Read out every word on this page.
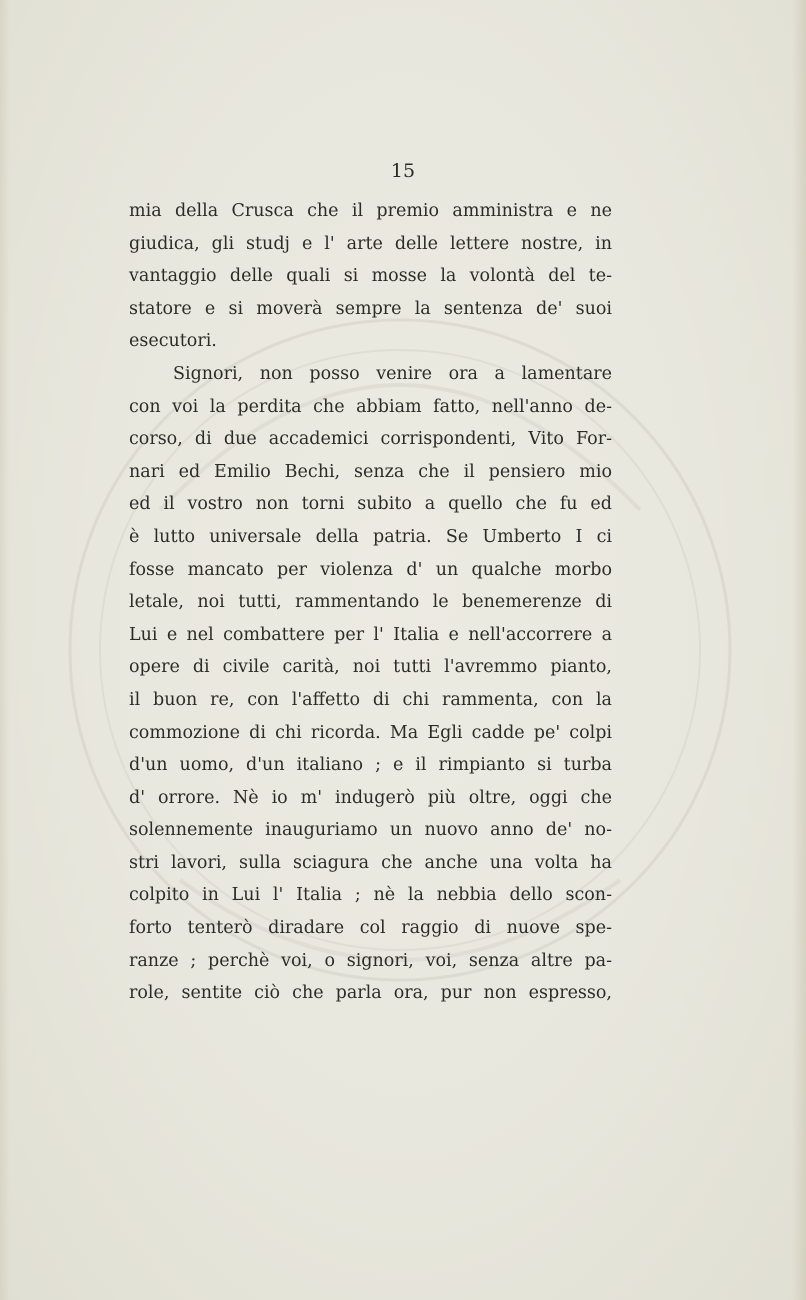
15
mia della Crusca che il premio amministra e ne
giudica, gli studj e l' arte delle lettere nostre, in
vantaggio delle quali si mosse la volontà del te-
statore e si moverà sempre la sentenza de' suoi
esecutori.
Signori, non posso venire ora a lamentare
con voi la perdita che abbiam fatto, nell'anno de-
corso, di due accademici corrispondenti, Vito For-
nari ed Emilio Bechi, senza che il pensiero mio
ed il vostro non torni subito a quello che fu ed
è lutto universale della patria. Se Umberto I ci
fosse mancato per violenza d' un qualche morbo
letale, noi tutti, rammentando le benemerenze di
Lui e nel combattere per l' Italia e nell'accorrere a
opere di civile carità, noi tutti l'avremmo pianto,
il buon re, con l'affetto di chi rammenta, con la
commozione di chi ricorda. Ma Egli cadde pe' colpi
d'un uomo, d'un italiano ; e il rimpianto si turba
d' orrore. Nè io m' indugerò più oltre, oggi che
solennemente inauguriamo un nuovo anno de' no-
stri lavori, sulla sciagura che anche una volta ha
colpito in Lui l' Italia ; nè la nebbia dello scon-
forto tenterò diradare col raggio di nuove spe-
ranze ; perchè voi, o signori, voi, senza altre pa-
role, sentite ciò che parla ora, pur non espresso,
